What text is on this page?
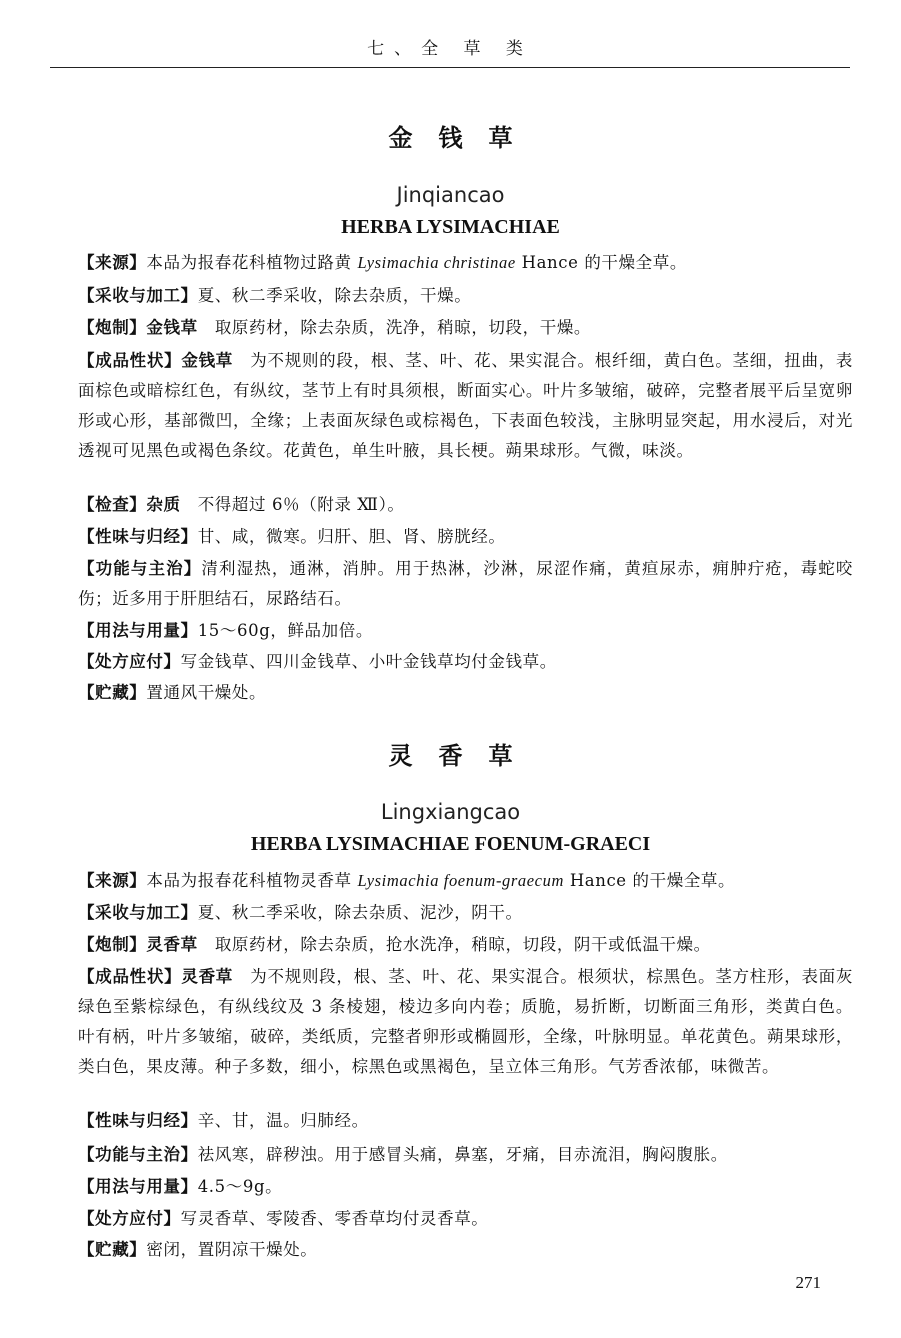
七、全 草 类
金钱草
Jinqiancao
HERBA LYSIMACHIAE
【来源】本品为报春花科植物过路黄 Lysimachia christinae Hance 的干燥全草。
【采收与加工】夏、秋二季采收，除去杂质，干燥。
【炮制】金钱草　取原药材，除去杂质，洗净，稍晾，切段，干燥。
【成品性状】金钱草　为不规则的段，根、茎、叶、花、果实混合。根纤细，黄白色。茎细，扭曲，表面棕色或暗棕红色，有纵纹，茎节上有时具须根，断面实心。叶片多皱缩，破碎，完整者展平后呈宽卵形或心形，基部微凹，全缘；上表面灰绿色或棕褐色，下表面色较浅，主脉明显突起，用水浸后，对光透视可见黑色或褐色条纹。花黄色，单生叶腋，具长梗。蒴果球形。气微，味淡。
【检查】杂质　不得超过 6％（附录 Ⅻ）。
【性味与归经】甘、咸，微寒。归肝、胆、肾、膀胱经。
【功能与主治】清利湿热，通淋，消肿。用于热淋，沙淋，尿涩作痛，黄疸尿赤，痈肿疔疮，毒蛇咬伤；近多用于肝胆结石，尿路结石。
【用法与用量】15～60g，鲜品加倍。
【处方应付】写金钱草、四川金钱草、小叶金钱草均付金钱草。
【贮藏】置通风干燥处。
灵香草
Lingxiangcao
HERBA LYSIMACHIAE FOENUM-GRAECI
【来源】本品为报春花科植物灵香草 Lysimachia foenum-graecum Hance 的干燥全草。
【采收与加工】夏、秋二季采收，除去杂质、泥沙，阴干。
【炮制】灵香草　取原药材，除去杂质，抢水洗净，稍晾，切段，阴干或低温干燥。
【成品性状】灵香草　为不规则段，根、茎、叶、花、果实混合。根须状，棕黑色。茎方柱形，表面灰绿色至紫棕绿色，有纵线纹及 3 条棱翅，棱边多向内卷；质脆，易折断，切断面三角形，类黄白色。叶有柄，叶片多皱缩，破碎，类纸质，完整者卵形或椭圆形，全缘，叶脉明显。单花黄色。蒴果球形，类白色，果皮薄。种子多数，细小，棕黑色或黑褐色，呈立体三角形。气芳香浓郁，味微苦。
【性味与归经】辛、甘，温。归肺经。
【功能与主治】祛风寒，辟秽浊。用于感冒头痛，鼻塞，牙痛，目赤流泪，胸闷腹胀。
【用法与用量】4.5～9g。
【处方应付】写灵香草、零陵香、零香草均付灵香草。
【贮藏】密闭，置阴凉干燥处。
271
